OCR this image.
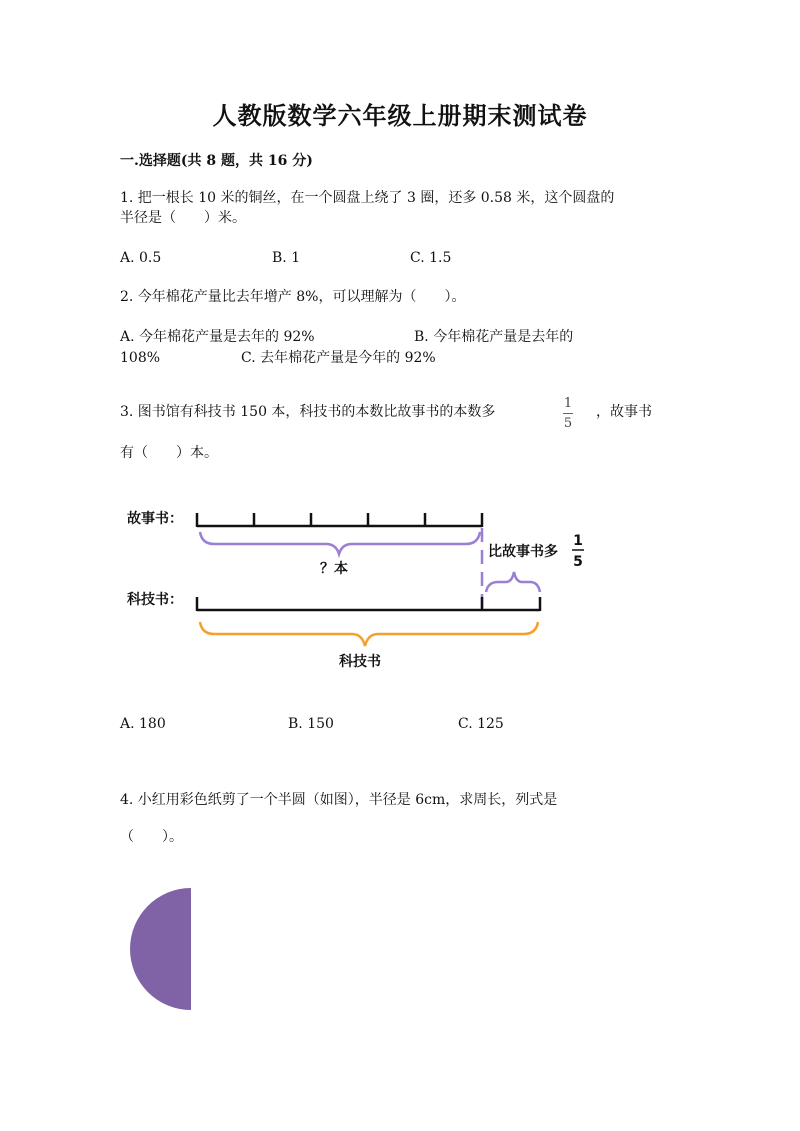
人教版数学六年级上册期末测试卷
一.选择题(共 8 题，共 16 分)
1. 把一根长 10 米的铜丝，在一个圆盘上绕了 3 圈，还多 0.58 米，这个圆盘的
半径是（　　）米。
A. 0.5	B. 1	C. 1.5
2. 今年棉花产量比去年增产 8%，可以理解为（　　）。
A. 今年棉花产量是去年的 92%	B. 今年棉花产量是去年的
108%	C. 去年棉花产量是今年的 92%
3. 图书馆有科技书 150 本，科技书的本数比故事书的本数多
1
5
，故事书
有（　　）本。
故事书：
？本
比故事书多
1
5
科技书：
科技书
A. 180	B. 150	C. 125
4. 小红用彩色纸剪了一个半圆（如图），半径是 6cm，求周长，列式是
（　　）。
